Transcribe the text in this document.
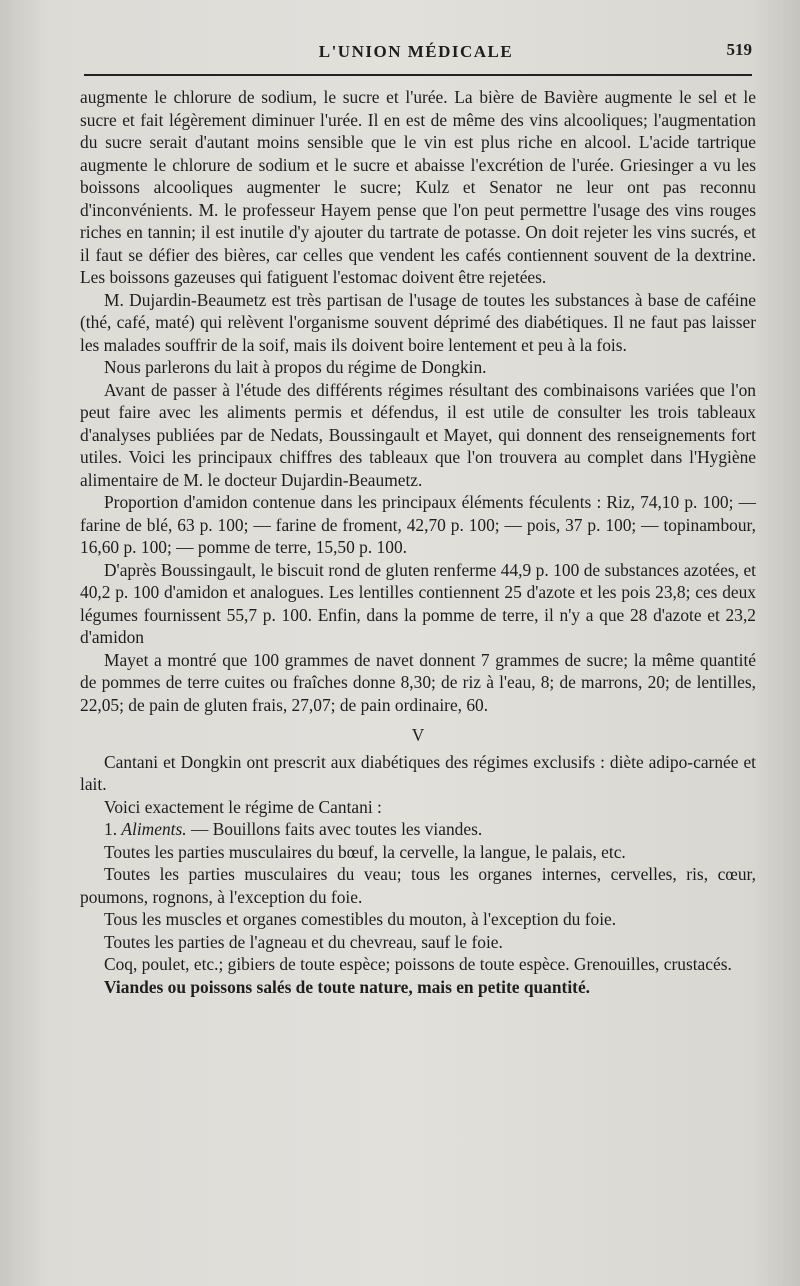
L'UNION MÉDICALE	519

augmente le chlorure de sodium, le sucre et l'urée. La bière de Bavière augmente le sel et le sucre et fait légèrement diminuer l'urée. Il en est de même des vins alcooliques; l'augmentation du sucre serait d'autant moins sensible que le vin est plus riche en alcool. L'acide tartrique augmente le chlorure de sodium et le sucre et abaisse l'excrétion de l'urée. Griesinger a vu les boissons alcooliques augmenter le sucre; Kulz et Senator ne leur ont pas reconnu d'inconvénients. M. le professeur Hayem pense que l'on peut permettre l'usage des vins rouges riches en tannin; il est inutile d'y ajouter du tartrate de potasse. On doit rejeter les vins sucrés, et il faut se défier des bières, car celles que vendent les cafés contiennent souvent de la dextrine. Les boissons gazeuses qui fatiguent l'estomac doivent être rejetées.

M. Dujardin-Beaumetz est très partisan de l'usage de toutes les substances à base de caféine (thé, café, maté) qui relèvent l'organisme souvent déprimé des diabétiques. Il ne faut pas laisser les malades souffrir de la soif, mais ils doivent boire lentement et peu à la fois.

Nous parlerons du lait à propos du régime de Dongkin.

Avant de passer à l'étude des différents régimes résultant des combinaisons variées que l'on peut faire avec les aliments permis et défendus, il est utile de consulter les trois tableaux d'analyses publiées par de Nedats, Boussingault et Mayet, qui donnent des renseignements fort utiles. Voici les principaux chiffres des tableaux que l'on trouvera au complet dans l'Hygiène alimentaire de M. le docteur Dujardin-Beaumetz.

Proportion d'amidon contenue dans les principaux éléments féculents : Riz, 74,10 p. 100; — farine de blé, 63 p. 100; — farine de froment, 42,70 p. 100; — pois, 37 p. 100; — topinambour, 16,60 p. 100; — pomme de terre, 15,50 p. 100.

D'après Boussingault, le biscuit rond de gluten renferme 44,9 p. 100 de substances azotées, et 40,2 p. 100 d'amidon et analogues. Les lentilles contiennent 25 d'azote et les pois 23,8; ces deux légumes fournissent 55,7 p. 100. Enfin, dans la pomme de terre, il n'y a que 28 d'azote et 23,2 d'amidon

Mayet a montré que 100 grammes de navet donnent 7 grammes de sucre; la même quantité de pommes de terre cuites ou fraîches donne 8,30; de riz à l'eau, 8; de marrons, 20; de lentilles, 22,05; de pain de gluten frais, 27,07; de pain ordinaire, 60.

V

Cantani et Dongkin ont prescrit aux diabétiques des régimes exclusifs : diète adipo-carnée et lait.

Voici exactement le régime de Cantani :

1. Aliments. — Bouillons faits avec toutes les viandes.

Toutes les parties musculaires du bœuf, la cervelle, la langue, le palais, etc.

Toutes les parties musculaires du veau; tous les organes internes, cervelles, ris, cœur, poumons, rognons, à l'exception du foie.

Tous les muscles et organes comestibles du mouton, à l'exception du foie.

Toutes les parties de l'agneau et du chevreau, sauf le foie.

Coq, poulet, etc.; gibiers de toute espèce; poissons de toute espèce. Grenouilles, crustacés.

Viandes ou poissons salés de toute nature, mais en petite quantité.
